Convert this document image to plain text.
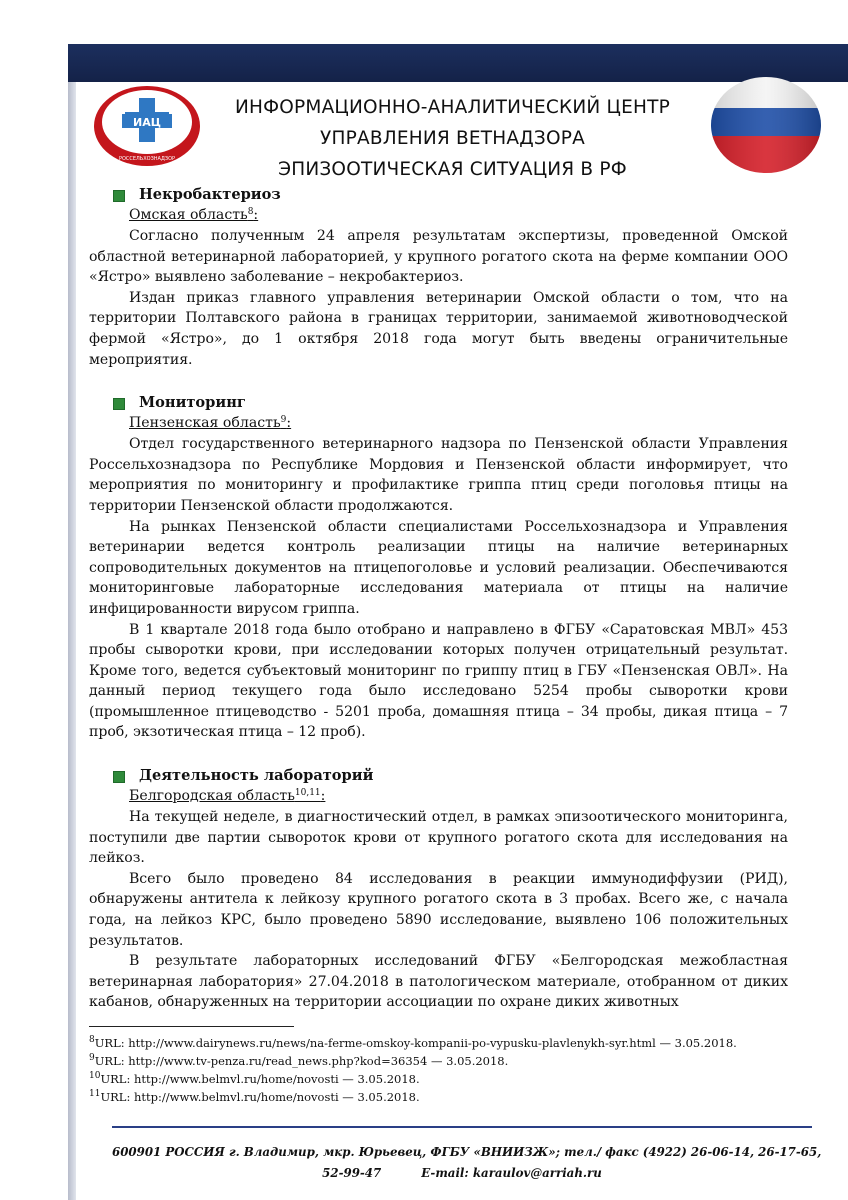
ИАЦ
РОССЕЛЬХОЗНАДЗОР
ИНФОРМАЦИОННО-АНАЛИТИЧЕСКИЙ ЦЕНТР
УПРАВЛЕНИЯ ВЕТНАДЗОРА
ЭПИЗООТИЧЕСКАЯ СИТУАЦИЯ В РФ
Некробактериоз
Омская область$^8$:

Согласно полученным 24 апреля результатам экспертизы, проведенной Омской областной ветеринарной лабораторией, у крупного рогатого скота на ферме компании ООО «Ястро» выявлено заболевание – некробактериоз.

Издан приказ главного управления ветеринарии Омской области о том, что на территории Полтавского района в границах территории, занимаемой животноводческой фермой «Ястро», до 1 октября 2018 года могут быть введены ограничительные мероприятия.

Мониторинг
Пензенская область$^9$:

Отдел государственного ветеринарного надзора по Пензенской области Управления Россельхознадзора по Республике Мордовия и Пензенской области информирует, что мероприятия по мониторингу и профилактике гриппа птиц среди поголовья птицы на территории Пензенской области продолжаются.

На рынках Пензенской области специалистами Россельхознадзора и Управления ветеринарии ведется контроль реализации птицы на наличие ветеринарных сопроводительных документов на птицепоголовье и условий реализации. Обеспечиваются мониторинговые лабораторные исследования материала от птицы на наличие инфицированности вирусом гриппа.

В 1 квартале 2018 года было отобрано и направлено в ФГБУ «Саратовская МВЛ» 453 пробы сыворотки крови, при исследовании которых получен отрицательный результат. Кроме того, ведется субъектовый мониторинг по гриппу птиц в ГБУ «Пензенская ОВЛ». На данный период текущего года было исследовано 5254 пробы сыворотки крови (промышленное птицеводство - 5201 проба, домашняя птица – 34 пробы, дикая птица – 7 проб, экзотическая птица – 12 проб).

Деятельность лабораторий
Белгородская область$^{10,11}$:

На текущей неделе, в диагностический отдел, в рамках эпизоотического мониторинга, поступили две партии сывороток крови от крупного рогатого скота для исследования на лейкоз.

Всего было проведено 84 исследования в реакции иммунодиффузии (РИД), обнаружены антитела к лейкозу крупного рогатого скота в 3 пробах. Всего же, с начала года, на лейкоз КРС, было проведено 5890 исследование, выявлено 106 положительных результатов.

В результате лабораторных исследований ФГБУ «Белгородская межобластная ветеринарная лаборатория» 27.04.2018 в патологическом материале, отобранном от диких кабанов, обнаруженных на территории ассоциации по охране диких животных

$^8$URL: http://www.dairynews.ru/news/na-ferme-omskoy-kompanii-po-vypusku-plavlenykh-syr.html — 3.05.2018.
$^9$URL: http://www.tv-penza.ru/read_news.php?kod=36354 — 3.05.2018.
$^{10}$URL: http://www.belmvl.ru/home/novosti — 3.05.2018.
$^{11}$URL: http://www.belmvl.ru/home/novosti — 3.05.2018.
600901 РОССИЯ г. Владимир, мкр. Юрьевец, ФГБУ «ВНИИЗЖ»; тел./ факс (4922) 26-06-14, 26-17-65,
52-99-47	E-mail: karaulov@arriah.ru
